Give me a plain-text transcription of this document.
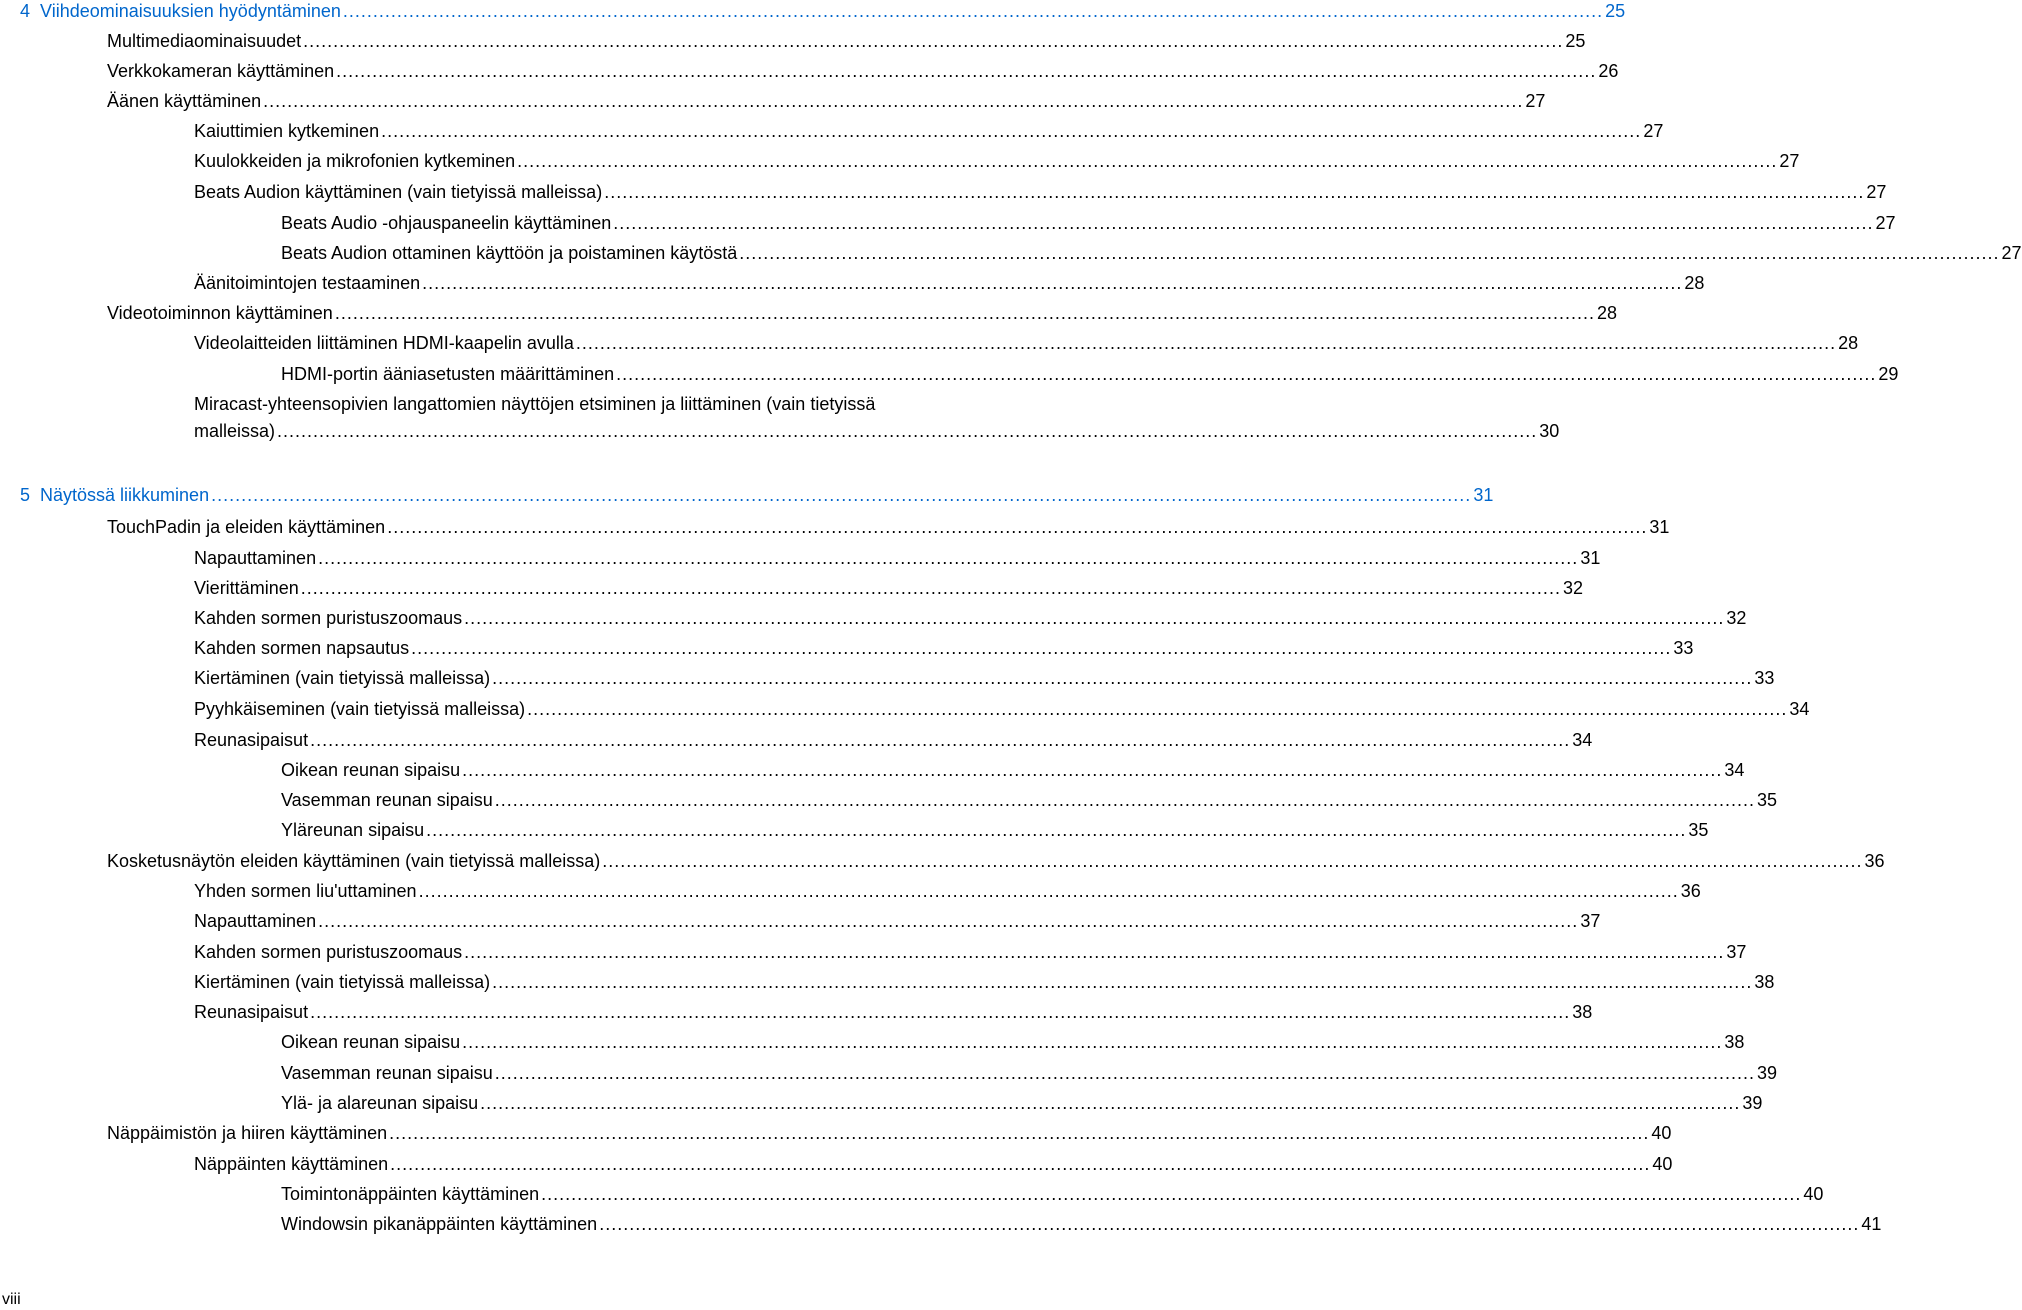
4 Viihdeominaisuuksien hyödyntäminen .................................................................................................................................................................................................................. 25
Multimediaominaisuudet .................................................................................................................................................................................................................. 25
Verkkokameran käyttäminen .................................................................................................................................................................................................................. 26
Äänen käyttäminen .................................................................................................................................................................................................................. 27
Kaiuttimien kytkeminen .................................................................................................................................................................................................................. 27
Kuulokkeiden ja mikrofonien kytkeminen .................................................................................................................................................................................................................. 27
Beats Audion käyttäminen (vain tietyissä malleissa) .................................................................................................................................................................................................................. 27
Beats Audio -ohjauspaneelin käyttäminen .................................................................................................................................................................................................................. 27
Beats Audion ottaminen käyttöön ja poistaminen käytöstä .................................................................................................................................................................................................................. 27
Äänitoimintojen testaaminen .................................................................................................................................................................................................................. 28
Videotoiminnon käyttäminen .................................................................................................................................................................................................................. 28
Videolaitteiden liittäminen HDMI-kaapelin avulla .................................................................................................................................................................................................................. 28
HDMI-portin ääniasetusten määrittäminen .................................................................................................................................................................................................................. 29
Miracast-yhteensopivien langattomien näyttöjen etsiminen ja liittäminen (vain tietyissä
malleissa) .................................................................................................................................................................................................................. 30
5 Näytössä liikkuminen .................................................................................................................................................................................................................. 31
TouchPadin ja eleiden käyttäminen .................................................................................................................................................................................................................. 31
Napauttaminen .................................................................................................................................................................................................................. 31
Vierittäminen .................................................................................................................................................................................................................. 32
Kahden sormen puristuszoomaus .................................................................................................................................................................................................................. 32
Kahden sormen napsautus .................................................................................................................................................................................................................. 33
Kiertäminen (vain tietyissä malleissa) .................................................................................................................................................................................................................. 33
Pyyhkäiseminen (vain tietyissä malleissa) .................................................................................................................................................................................................................. 34
Reunasipaisut .................................................................................................................................................................................................................. 34
Oikean reunan sipaisu .................................................................................................................................................................................................................. 34
Vasemman reunan sipaisu .................................................................................................................................................................................................................. 35
Yläreunan sipaisu .................................................................................................................................................................................................................. 35
Kosketusnäytön eleiden käyttäminen (vain tietyissä malleissa) .................................................................................................................................................................................................................. 36
Yhden sormen liu'uttaminen .................................................................................................................................................................................................................. 36
Napauttaminen .................................................................................................................................................................................................................. 37
Kahden sormen puristuszoomaus .................................................................................................................................................................................................................. 37
Kiertäminen (vain tietyissä malleissa) .................................................................................................................................................................................................................. 38
Reunasipaisut .................................................................................................................................................................................................................. 38
Oikean reunan sipaisu .................................................................................................................................................................................................................. 38
Vasemman reunan sipaisu .................................................................................................................................................................................................................. 39
Ylä- ja alareunan sipaisu .................................................................................................................................................................................................................. 39
Näppäimistön ja hiiren käyttäminen .................................................................................................................................................................................................................. 40
Näppäinten käyttäminen .................................................................................................................................................................................................................. 40
Toimintonäppäinten käyttäminen .................................................................................................................................................................................................................. 40
Windowsin pikanäppäinten käyttäminen .................................................................................................................................................................................................................. 41
viii
